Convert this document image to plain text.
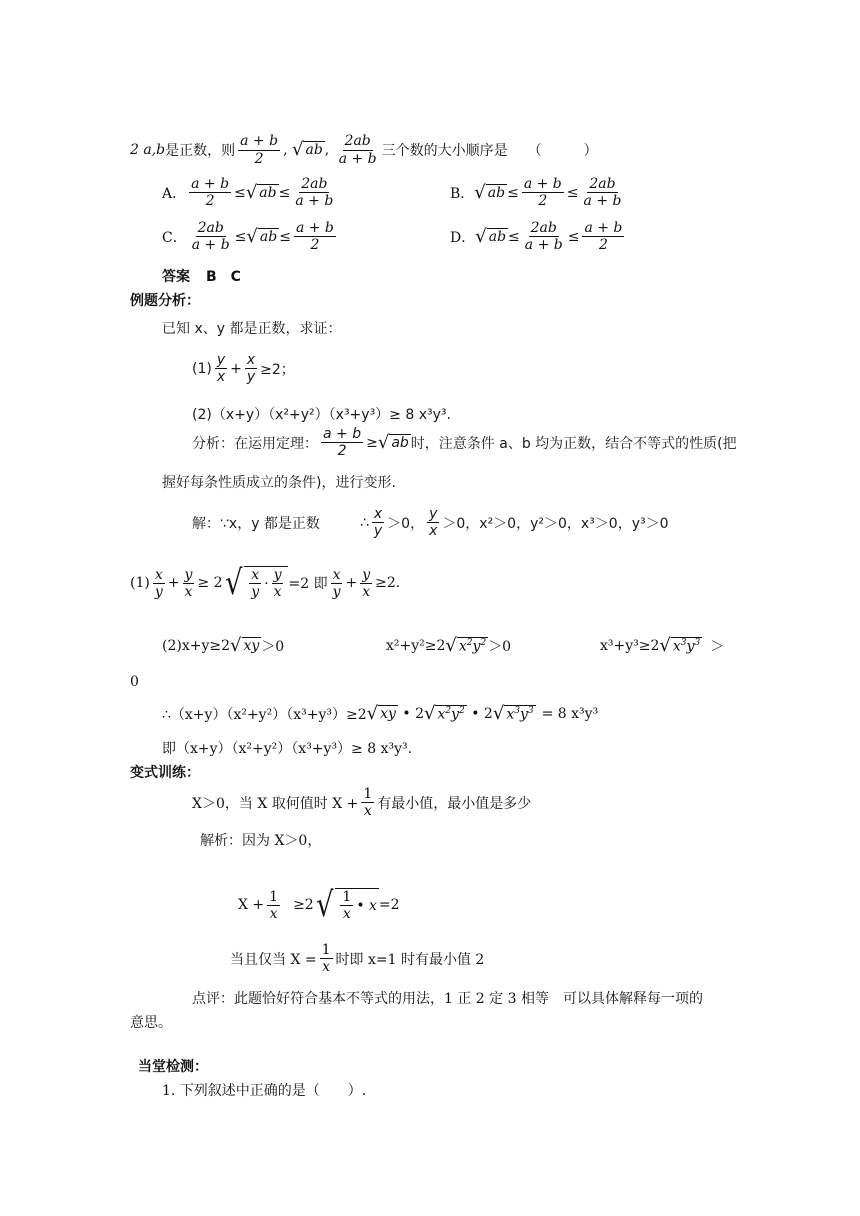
2 a,b 是正数，则 $\frac{a + b}{2}$ , √ ab , $\frac{2ab}{a + b}$ 三个数的大小顺序是 （　　　）
A． $\frac{a + b}{2}$ ≤ √ ab ≤ $\frac{2ab}{a + b}$	B． √ ab ≤ $\frac{a + b}{2} \le \frac{2ab}{a + b}$
C． $\frac{2ab}{a + b}$ ≤ √ ab ≤ $\frac{a + b}{2}$	D． √ ab ≤ $\frac{2ab}{a + b} \le \frac{a + b}{2}$
答案 B　C
例题分析：
已知 x、y 都是正数，求证：
$(1) \frac{y}{x} + \frac{x}{y} \ge 2$；
(2)（x+y）（x²+y²）（x³+y³）≥ 8 x³y³.
分析：在运用定理： $\frac{a + b}{2}$ ≥ √ ab 时，注意条件 a、b 均为正数，结合不等式的性质(把
握好每条性质成立的条件)，进行变形.
解：∵x，y 都是正数	∴ $\frac{x}{y} >0$， $\frac{y}{x} >0$，x²＞0，y²＞0，x³＞0，y³＞0
$(1) \frac{x}{y} + \frac{y}{x} \ge 2$ √ $\frac{x}{y} \cdot \frac{y}{x} =2$ 即 $\frac{x}{y} + \frac{y}{x} \ge 2$.
(2)x+y≥2 √ xy ＞0	x²+y²≥2 √ $x^2y^2 >0$	x³+y³≥2 √ $x^3y^3$ ＞
0
∴（x+y）（x²+y²）（x³+y³）≥2 √ xy • 2 √ $x^2y^2$ • 2 √ $x^3y^3 = 8$ x³y³
即（x+y）（x²+y²）（x³+y³）≥ 8 x³y³.
变式训练：
X＞0，当 X 取何值时 $X + \frac{1}{x}$ 有最小值，最小值是多少
解析：因为 X＞0，
$X + \frac{1}{x} \ge 2$ √ $\frac{1}{x}$ • x =2
当且仅当 $X = \frac{1}{x}$ 时即 x=1 时有最小值 2
点评：此题恰好符合基本不等式的用法，1 正 2 定 3 相等　可以具体解释每一项的
意思。
当堂检测：
1. 下列叙述中正确的是（　　）.
